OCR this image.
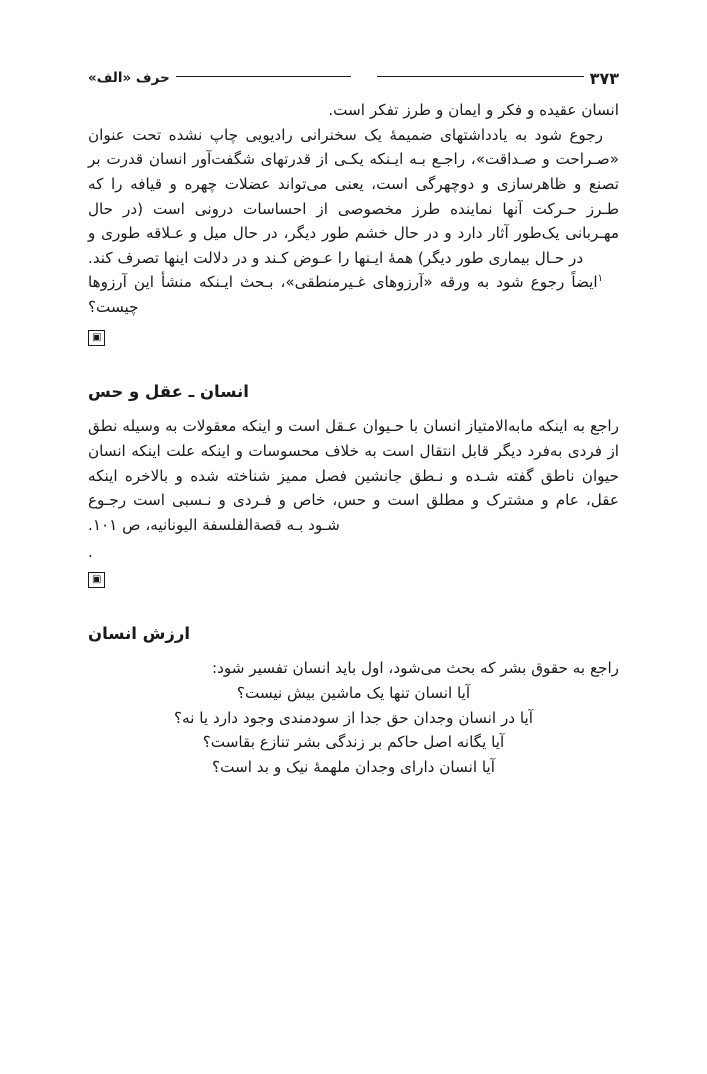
۳۷۳
حرف «الف»

انسان عقیده و فکر و ایمان و طرز تفکر است.

رجوع شود به یادداشتهای ضمیمهٔ یک سخنرانی رادیویی چاپ نشده تحت عنوان «صـراحت و صـداقت»، راجـع بـه ایـنکه یکـی از قدرتهای شگفت‌آور انسان قدرت بر تصنع و ظاهرسازی و دوچهرگی است، یعنی می‌تواند عضلات چهره و قیافه را که طـرز حـرکت آنها نماینده طرز مخصوصی از احساسات درونی است (در حال مهـربانی یک‌طور آثار دارد و در حال خشم طور دیگر، در حال میل و عـلاقه طوری و در حـال بیماری طور دیگر) همهٔ ایـنها را عـوض کـند و در دلالت اینها تصرف کند.

$^۱$ایضاً رجوع شود به ورقه «آرزوهای غـیرمنطقی»، بـحث ایـنکه منشأ این آرزوها چیست؟

▣
انسان ـ عقل و حس

راجع به اینکه مابه‌الامتیاز انسان با حـیوان عـقل است و اینکه معقولات به وسیله نطق از فردی به‌فرد دیگر قابل انتقال است به خلاف محسوسات و اینکه علت اینکه انسان حیوان ناطق گفته شـده و نـطق جانشین فصل ممیز شناخته شده و بالاخره اینکه عقل، عام و مشترک و مطلق است و حس، خاص و فـردی و نـسبی است رجـوع شـود بـه قصةالفلسفة الیونانیه، ص ۱۰۱.

.
▣
ارزش انسان

راجع به حقوق بشر که بحث می‌شود، اول باید انسان تفسیر شود:

آیا انسان تنها یک ماشین بیش نیست؟

آیا در انسان وجدان حق جدا از سودمندی وجود دارد یا نه؟

آیا یگانه اصل حاکم بر زندگی بشر تنازع بقاست؟

آیا انسان دارای وجدان ملهمهٔ نیک و بد است؟
